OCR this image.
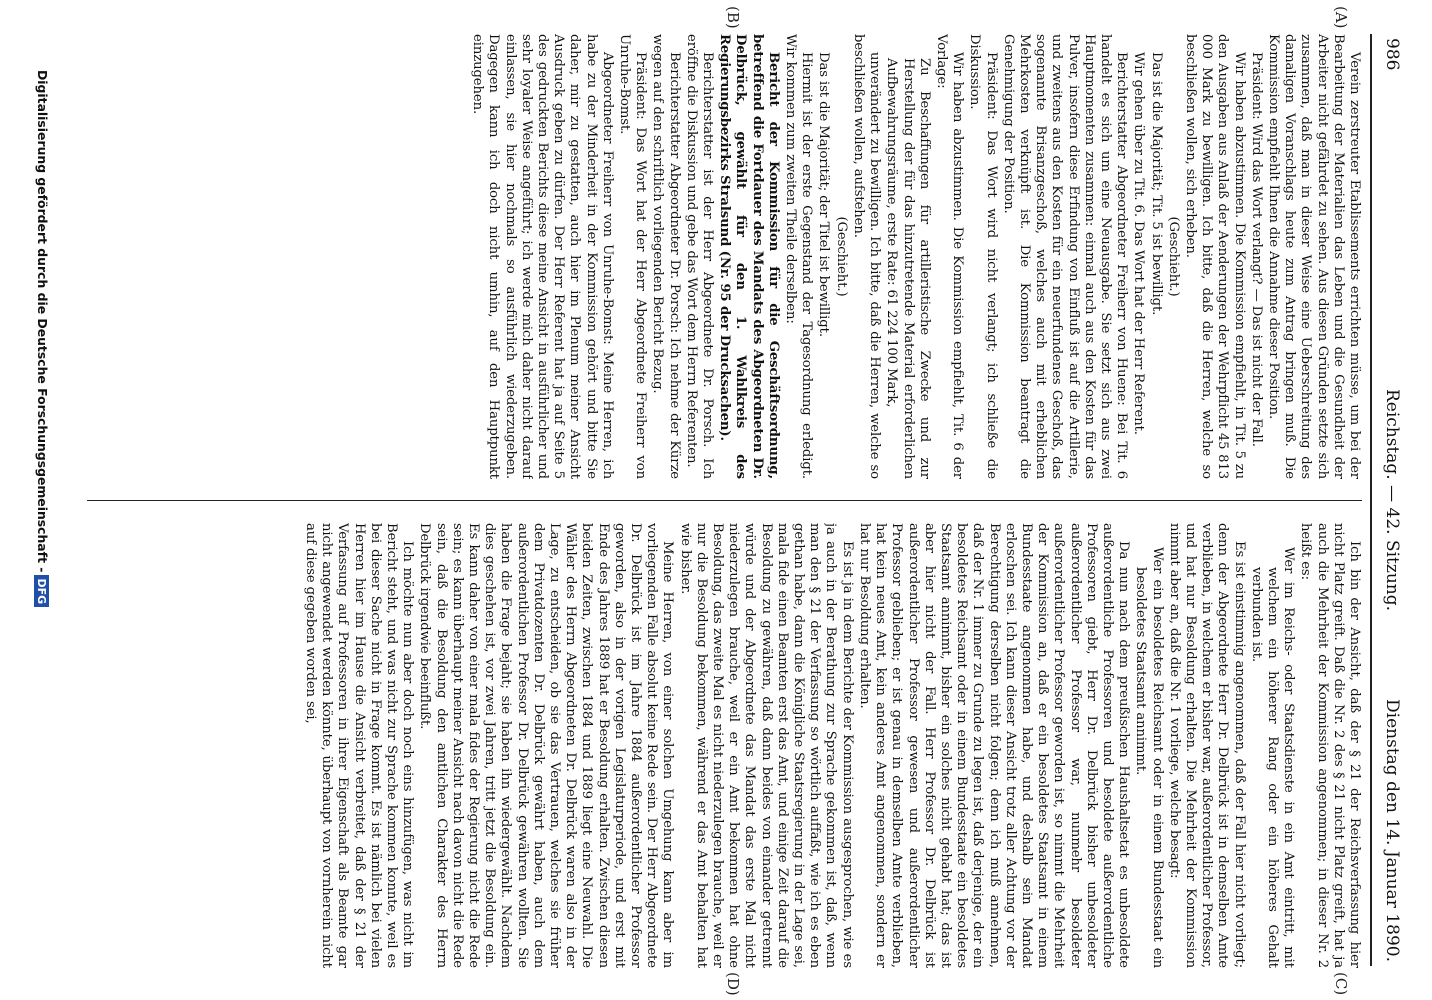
986
Reichstag. — 42. Sitzung.
Dienstag den 14. Januar 1890.
(A)
(B)
(C)
(D)

Verein zerstreuter Etablissements errichten müsse, um bei der Bearbeitung der Materialien das Leben und die Gesundheit der Arbeiter nicht gefährdet zu sehen. Aus diesen Gründen setzte sich zusammen, daß man in dieser Weise eine Ueberschreitung des damaligen Voranschlags heute zum Antrag bringen muß. Die Kommission empfiehlt Ihnen die Annahme dieser Position.

Präsident: Wird das Wort verlangt? — Das ist nicht der Fall.

Wir haben abzustimmen. Die Kommission empfiehlt, in Tit. 5 zu den Ausgaben aus Anlaß der Aenderungen der Wehrpflicht 45 813 000 Mark zu bewilligen. Ich bitte, daß die Herren, welche so beschließen wollen, sich erheben.

(Geschieht.)

Das ist die Majorität; Tit. 5 ist bewilligt.

Wir gehen über zu Tit. 6. Das Wort hat der Herr Referent.

Berichterstatter Abgeordneter Freiherr von Huene: Bei Tit. 6 handelt es sich um eine Neuausgabe. Sie setzt sich aus zwei Hauptmomenten zusammen: einmal auch aus den Kosten für das Pulver, insofern diese Erfindung von Einfluß ist auf die Artillerie, und zweitens aus den Kosten für ein neuerfundenes Geschoß, das sogenannte Brisanzgeschoß, welches auch mit erheblichen Mehrkosten verknüpft ist. Die Kommission beantragt die Genehmigung der Position.

Präsident: Das Wort wird nicht verlangt; ich schließe die Diskussion.

Wir haben abzustimmen. Die Kommission empfiehlt, Tit. 6 der Vorlage:

Zu Beschaffungen für artilleristische Zwecke und zur Herstellung der für das hinzutretende Material erforderlichen Aufbewahrungsräume, erste Rate: 61 224 100 Mark,

unverändert zu bewilligen. Ich bitte, daß die Herren, welche so beschließen wollen, aufstehen.

(Geschieht.)

Das ist die Majorität; der Titel ist bewilligt.

Hiermit ist der erste Gegenstand der Tagesordnung erledigt. Wir kommen zum zweiten Theile derselben:

Bericht der Kommission für die Geschäftsordnung, betreffend die Fortdauer des Mandats des Abgeordneten Dr. Delbrück, gewählt für den 1. Wahlkreis des Regierungsbezirks Stralsund (Nr. 95 der Drucksachen).

Berichterstatter ist der Herr Abgeordnete Dr. Porsch. Ich eröffne die Diskussion und gebe das Wort dem Herrn Referenten.

Berichterstatter Abgeordneter Dr. Porsch: Ich nehme der Kürze wegen auf den schriftlich vorliegenden Bericht Bezug.

Präsident: Das Wort hat der Herr Abgeordnete Freiherr von Unruhe-Bomst.

Abgeordneter Freiherr von Unruhe-Bomst: Meine Herren, ich habe zu der Minderheit in der Kommission gehört und bitte Sie daher, mir zu gestatten, auch hier im Plenum meiner Ansicht Ausdruck geben zu dürfen. Der Herr Referent hat ja auf Seite 5 des gedruckten Berichts diese meine Ansicht in ausführlicher und sehr loyaler Weise angeführt; ich werde mich daher nicht darauf einlassen, sie hier nochmals so ausführlich wiederzugeben. Dagegen kann ich doch nicht umhin, auf den Hauptpunkt einzugehen.

Ich bin der Ansicht, daß der § 21 der Reichsverfassung hier nicht Platz greift. Daß die Nr. 2 des § 21 nicht Platz greift, hat ja auch die Mehrheit der Kommission angenommen; in dieser Nr. 2 heißt es:

Wer im Reichs- oder Staatsdienste in ein Amt eintritt, mit welchem ein höherer Rang oder ein höheres Gehalt verbunden ist.

Es ist einstimmig angenommen, daß der Fall hier nicht vorliegt; denn der Abgeordnete Herr Dr. Delbrück ist in demselben Amte verblieben, in welchem er bisher war, außerordentlicher Professor, und hat nur Besoldung erhalten. Die Mehrheit der Kommission nimmt aber an, daß die Nr. 1 vorliege, welche besagt:

Wer ein besoldetes Reichsamt oder in einem Bundesstaat ein besoldetes Staatsamt annimmt.

Da nun nach dem preußischen Haushaltsetat es unbesoldete außerordentliche Professoren und besoldete außerordentliche Professoren giebt, Herr Dr. Delbrück bisher unbesoldeter außerordentlicher Professor war, nunmehr besoldeter außerordentlicher Professor geworden ist, so nimmt die Mehrheit der Kommission an, daß er ein besoldetes Staatsamt in einem Bundesstaate angenommen habe, und deshalb sein Mandat erloschen sei. Ich kann dieser Ansicht trotz aller Achtung vor der Berechtigung derselben nicht folgen; denn ich muß annehmen, daß der Nr. 1 immer zu Grunde zu legen ist, daß derjenige, der ein besoldetes Reichsamt oder in einem Bundesstaate ein besoldetes Staatsamt annimmt, bisher ein solches nicht gehabt hat; das ist aber hier nicht der Fall. Herr Professor Dr. Delbrück ist außerordentlicher Professor gewesen und außerordentlicher Professor geblieben; er ist genau in demselben Amte verblieben, hat kein neues Amt, kein anderes Amt angenommen, sondern er hat nur Besoldung erhalten.

Es ist ja in dem Berichte der Kommission ausgesprochen, wie es ja auch in der Berathung zur Sprache gekommen ist, daß, wenn man den § 21 der Verfassung so wörtlich auffaßt, wie ich es eben gethan habe, dann die Königliche Staatsregierung in der Lage sei, mala fide einen Beamten erst das Amt, und einige Zeit darauf die Besoldung zu gewähren, daß dann beides von einander getrennt würde und der Abgeordnete das Mandat das erste Mal nicht niederzulegen brauche, weil er ein Amt bekommen hat ohne Besoldung, das zweite Mal es nicht niederzulegen brauche, weil er nur die Besoldung bekommen, während er das Amt behalten hat wie bisher.

Meine Herren, von einer solchen Umgehung kann aber im vorliegenden Falle absolut keine Rede sein. Der Herr Abgeordnete Dr. Delbrück ist im Jahre 1884 außerordentlicher Professor geworden, also in der vorigen Legislaturperiode, und erst mit Ende des Jahres 1889 hat er Besoldung erhalten. Zwischen diesen beiden Zeiten, zwischen 1884 und 1889 liegt eine Neuwahl. Die Wähler des Herrn Abgeordneten Dr. Delbrück waren also in der Lage, zu entscheiden, ob sie das Vertrauen, welches sie früher dem Privatdozenten Dr. Delbrück gewährt haben, auch dem außerordentlichen Professor Dr. Delbrück gewähren wollten. Sie haben die Frage bejaht; sie haben ihn wiedergewählt. Nachdem dies geschehen ist, vor zwei Jahren, tritt jetzt die Besoldung ein. Es kann daher von einer mala fides der Regierung nicht die Rede sein; es kann überhaupt meiner Ansicht nach davon nicht die Rede sein, daß die Besoldung den amtlichen Charakter des Herrn Delbrück irgendwie beeinflußt.

Ich möchte nun aber doch noch eins hinzufügen, was nicht im Bericht steht, und was nicht zur Sprache kommen konnte, weil es bei dieser Sache nicht in Frage kommt. Es ist nämlich bei vielen Herren hier im Hause die Ansicht verbreitet, daß der § 21 der Verfassung auf Professoren in ihrer Eigenschaft als Beamte gar nicht angewendet werden könnte, überhaupt von vornherein nicht auf diese gegeben worden sei,

Digitalisierung gefördert durch die Deutsche Forschungsgemeinschaft -DFG
